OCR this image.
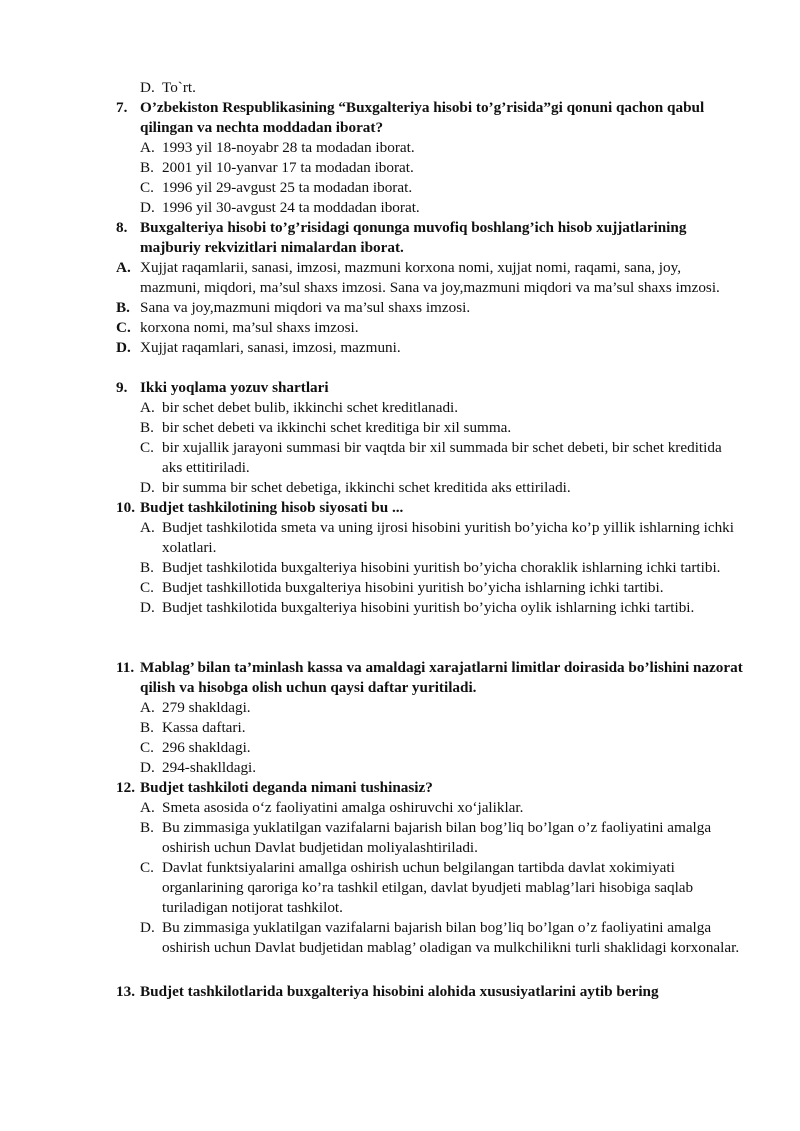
D. To`rt.
7. O’zbekiston Respublikasining “Buxgalteriya hisobi to’g’risida”gi qonuni qachon qabul qilingan va nechta moddadan iborat?
A. 1993 yil 18-noyabr 28 ta modadan iborat.
B. 2001 yil 10-yanvar 17 ta modadan iborat.
C. 1996 yil 29-avgust 25 ta modadan iborat.
D. 1996 yil 30-avgust 24 ta moddadan iborat.
8. Buxgalteriya hisobi to’g’risidagi qonunga muvofiq boshlang’ich hisob xujjatlarining majburiy rekvizitlari nimalardan iborat.
A. Xujjat raqamlarii, sanasi, imzosi, mazmuni korxona nomi, xujjat nomi, raqami, sana, joy, mazmuni, miqdori, ma’sul shaxs imzosi. Sana va joy,mazmuni miqdori va ma’sul shaxs imzosi.
B. Sana va joy,mazmuni miqdori va ma’sul shaxs imzosi.
C. korxona nomi, ma’sul shaxs imzosi.
D. Xujjat raqamlari, sanasi, imzosi, mazmuni.
9. Ikki yoqlama yozuv shartlari
A. bir schet debet bulib, ikkinchi schet kreditlanadi.
B. bir schet debeti va ikkinchi schet kreditiga bir xil summa.
C. bir xujallik jarayoni summasi bir vaqtda bir xil summada bir schet debeti, bir schet kreditida aks ettitiriladi.
D. bir summa bir schet debetiga, ikkinchi schet kreditida aks ettiriladi.
10. Budjet tashkilotining hisob siyosati bu ...
A. Budjet tashkilotida smeta va uning ijrosi hisobini yuritish bo’yicha ko’p yillik ishlarning ichki xolatlari.
B. Budjet tashkilotida buxgalteriya hisobini yuritish bo’yicha choraklik ishlarning ichki tartibi.
C. Budjet tashkillotida buxgalteriya hisobini yuritish bo’yicha ishlarning ichki tartibi.
D. Budjet tashkilotida buxgalteriya hisobini yuritish bo’yicha oylik ishlarning ichki tartibi.
11. Mablag’ bilan ta’minlash kassa va amaldagi xarajatlarni limitlar doirasida bo’lishini nazorat qilish va hisobga olish uchun qaysi daftar yuritiladi.
A. 279 shakldagi.
B. Kassa daftari.
C. 296 shakldagi.
D. 294-shaklldagi.
12. Budjet tashkiloti deganda nimani tushinasiz?
A. Smeta asosida o‘z faoliyatini amalga oshiruvchi xo‘jaliklar.
B. Bu zimmasiga yuklatilgan vazifalarni bajarish bilan bog’liq bo’lgan o’z faoliyatini amalga oshirish uchun Davlat budjetidan moliyalashtiriladi.
C. Davlat funktsiyalarini amallga oshirish uchun belgilangan tartibda davlat xokimiyati organlarining qaroriga ko’ra tashkil etilgan, davlat byudjeti mablag’lari hisobiga saqlab turiladigan notijorat tashkilot.
D. Bu zimmasiga yuklatilgan vazifalarni bajarish bilan bog’liq bo’lgan o’z faoliyatini amalga oshirish uchun Davlat budjetidan mablag’ oladigan va mulkchilikni turli shaklidagi korxonalar.
13. Budjet tashkilotlarida buxgalteriya hisobini alohida xususiyatlarini aytib bering
